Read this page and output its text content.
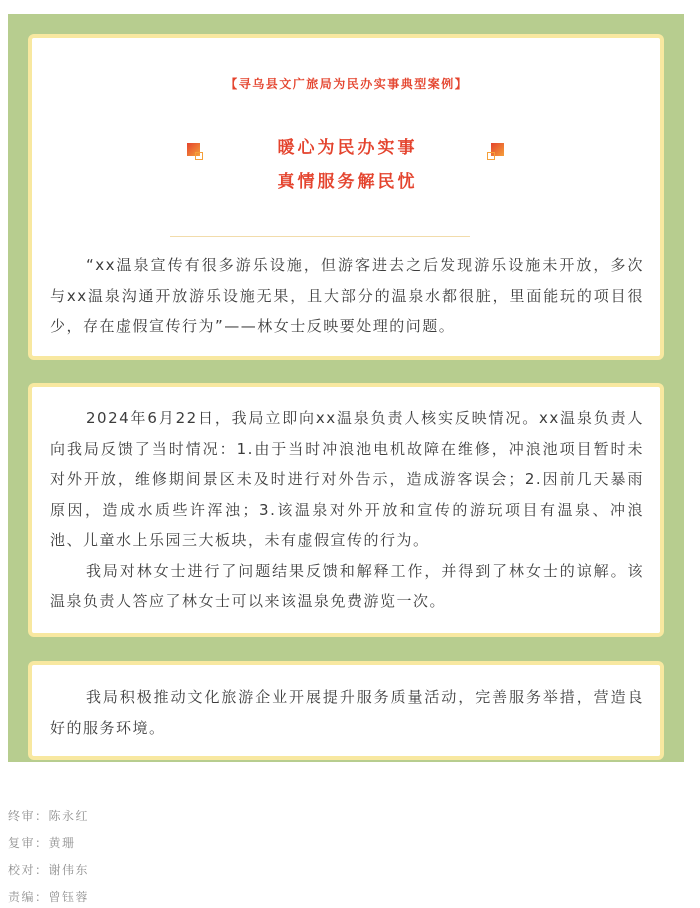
【寻乌县文广旅局为民办实事典型案例】
暖心为民办实事
真情服务解民忧

“xx温泉宣传有很多游乐设施，但游客进去之后发现游乐设施未开放，多次与xx温泉沟通开放游乐设施无果，且大部分的温泉水都很脏，里面能玩的项目很少，存在虚假宣传行为”——林女士反映要处理的问题。

2024年6月22日，我局立即向xx温泉负责人核实反映情况。xx温泉负责人向我局反馈了当时情况：1.由于当时冲浪池电机故障在维修，冲浪池项目暂时未对外开放，维修期间景区未及时进行对外告示，造成游客误会；2.因前几天暴雨原因，造成水质些许浑浊；3.该温泉对外开放和宣传的游玩项目有温泉、冲浪池、儿童水上乐园三大板块，未有虚假宣传的行为。

我局对林女士进行了问题结果反馈和解释工作，并得到了林女士的谅解。该温泉负责人答应了林女士可以来该温泉免费游览一次。

我局积极推动文化旅游企业开展提升服务质量活动，完善服务举措，营造良好的服务环境。

终审：陈永红
复审：黄珊
校对：谢伟东
责编：曾钰蓉
